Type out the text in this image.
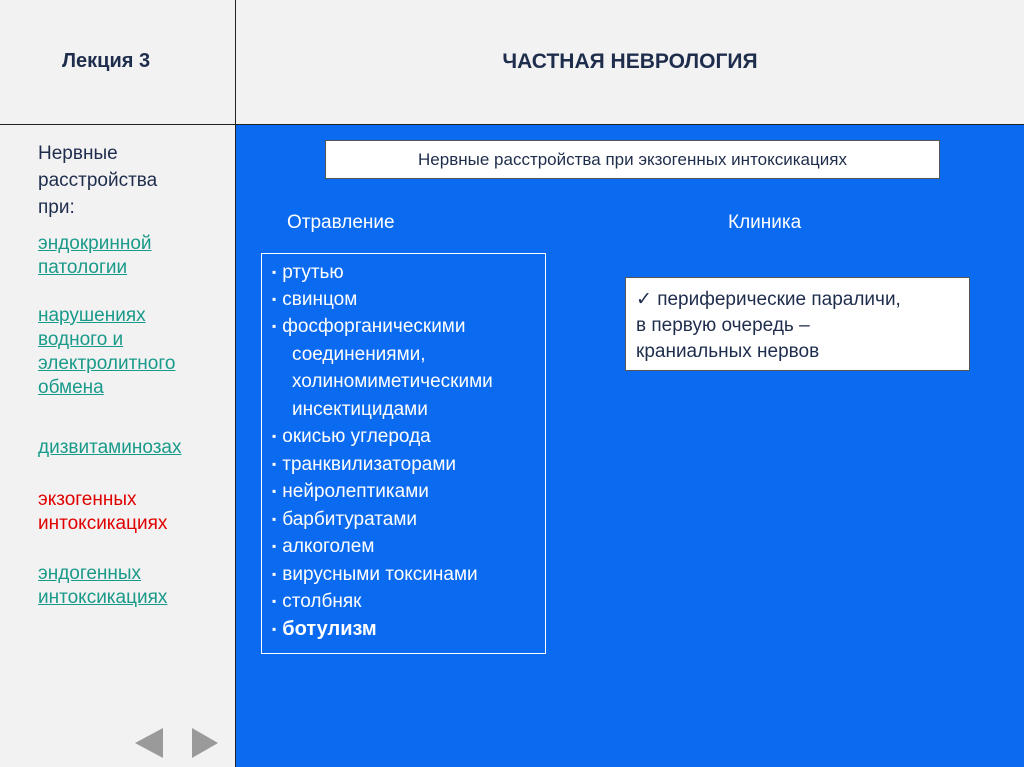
Лекция 3	ЧАСТНАЯ НЕВРОЛОГИЯ
Нервные
расстройства
при:
эндокринной
патологии
нарушениях
водного и
электролитного
обмена
дизвитаминозах
экзогенных
интоксикациях
эндогенных
интоксикациях
Нервные расстройства при экзогенных интоксикациях
Отравление	Клиника
▪ ртутью
▪ свинцом
▪ фосфорганическими
соединениями,
холиномиметическими
инсектицидами
▪ окисью углерода
▪ транквилизаторами
▪ нейролептиками
▪ барбитуратами
▪ алкоголем
▪ вирусными токсинами
▪ столбняк
▪ ботулизм
✓ периферические параличи,
в первую очередь –
краниальных нервов
